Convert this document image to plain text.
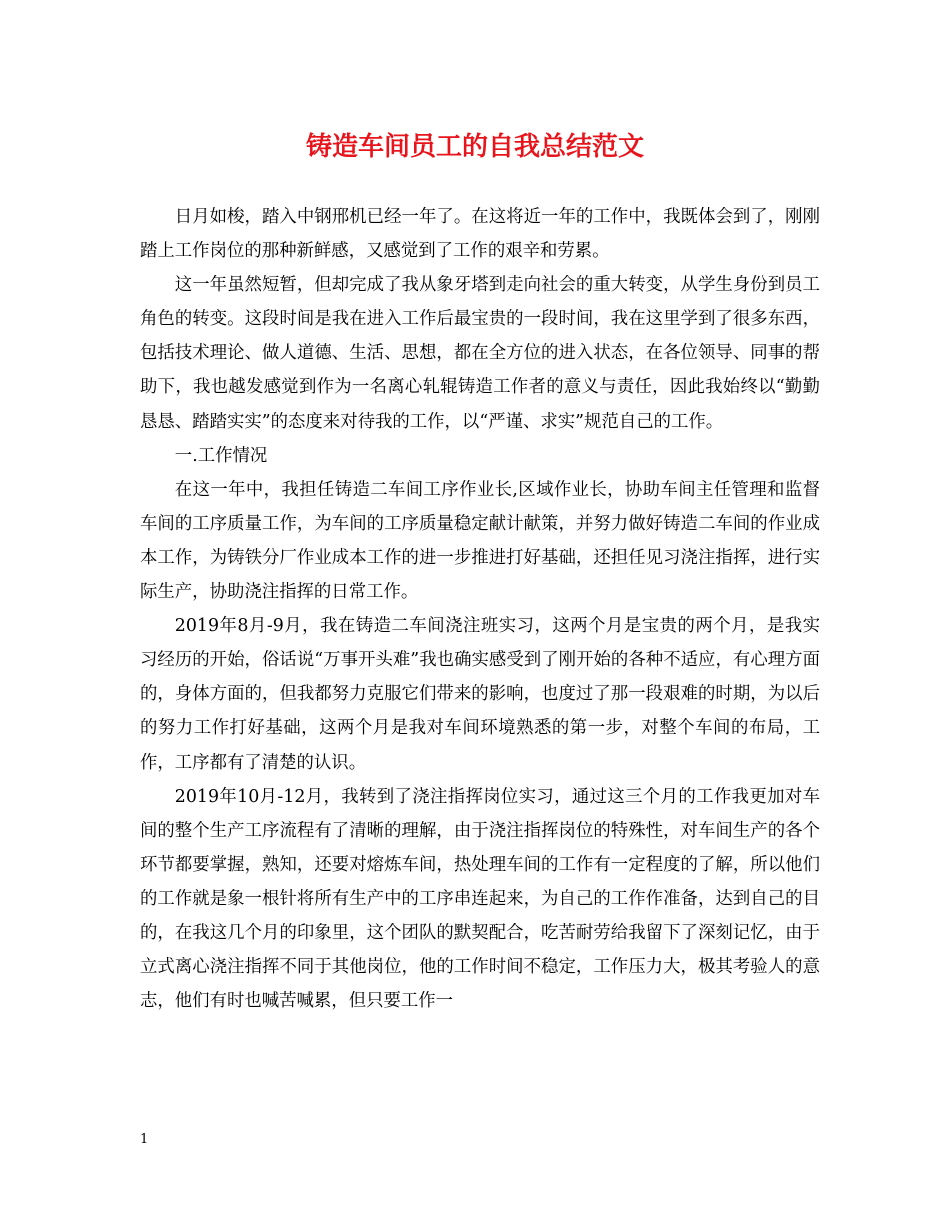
铸造车间员工的自我总结范文

日月如梭，踏入中钢邢机已经一年了。在这将近一年的工作中，我既体会到了，刚刚踏上工作岗位的那种新鲜感，又感觉到了工作的艰辛和劳累。

这一年虽然短暂，但却完成了我从象牙塔到走向社会的重大转变，从学生身份到员工角色的转变。这段时间是我在进入工作后最宝贵的一段时间，我在这里学到了很多东西，包括技术理论、做人道德、生活、思想，都在全方位的进入状态，在各位领导、同事的帮助下，我也越发感觉到作为一名离心轧辊铸造工作者的意义与责任，因此我始终以“勤勤恳恳、踏踏实实”的态度来对待我的工作，以“严谨、求实”规范自己的工作。

一.工作情况

在这一年中，我担任铸造二车间工序作业长,区域作业长，协助车间主任管理和监督车间的工序质量工作，为车间的工序质量稳定献计献策，并努力做好铸造二车间的作业成本工作，为铸铁分厂作业成本工作的进一步推进打好基础，还担任见习浇注指挥，进行实际生产，协助浇注指挥的日常工作。

2019年8月-9月，我在铸造二车间浇注班实习，这两个月是宝贵的两个月，是我实习经历的开始，俗话说“万事开头难”我也确实感受到了刚开始的各种不适应，有心理方面的，身体方面的，但我都努力克服它们带来的影响，也度过了那一段艰难的时期，为以后的努力工作打好基础，这两个月是我对车间环境熟悉的第一步，对整个车间的布局，工作，工序都有了清楚的认识。

2019年10月-12月，我转到了浇注指挥岗位实习，通过这三个月的工作我更加对车间的整个生产工序流程有了清晰的理解，由于浇注指挥岗位的特殊性，对车间生产的各个环节都要掌握，熟知，还要对熔炼车间，热处理车间的工作有一定程度的了解，所以他们的工作就是象一根针将所有生产中的工序串连起来，为自己的工作作准备，达到自己的目的，在我这几个月的印象里，这个团队的默契配合，吃苦耐劳给我留下了深刻记忆，由于立式离心浇注指挥不同于其他岗位，他的工作时间不稳定，工作压力大，极其考验人的意志，他们有时也喊苦喊累，但只要工作一

1
